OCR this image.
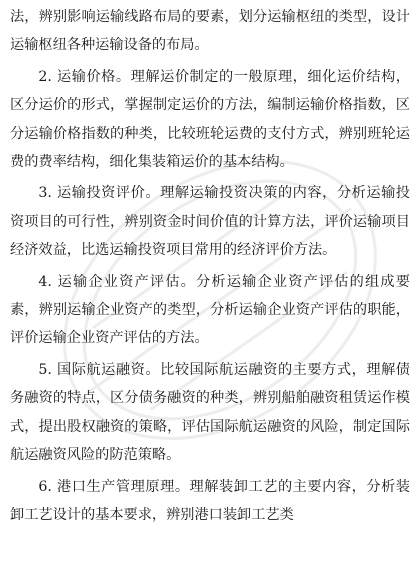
法，辨别影响运输线路布局的要素，划分运输枢纽的类型，设计运输枢纽各种运输设备的布局。

2. 运输价格。理解运价制定的一般原理，细化运价结构，区分运价的形式，掌握制定运价的方法，编制运输价格指数，区分运输价格指数的种类，比较班轮运费的支付方式，辨别班轮运费的费率结构，细化集装箱运价的基本结构。

3. 运输投资评价。理解运输投资决策的内容，分析运输投资项目的可行性，辨别资金时间价值的计算方法，评价运输项目经济效益，比选运输投资项目常用的经济评价方法。

4. 运输企业资产评估。分析运输企业资产评估的组成要素，辨别运输企业资产的类型，分析运输企业资产评估的职能，评价运输企业资产评估的方法。

5. 国际航运融资。比较国际航运融资的主要方式，理解债务融资的特点，区分债务融资的种类，辨别船舶融资租赁运作模式，提出股权融资的策略，评估国际航运融资的风险，制定国际航运融资风险的防范策略。

6. 港口生产管理原理。理解装卸工艺的主要内容，分析装卸工艺设计的基本要求，辨别港口装卸工艺类
